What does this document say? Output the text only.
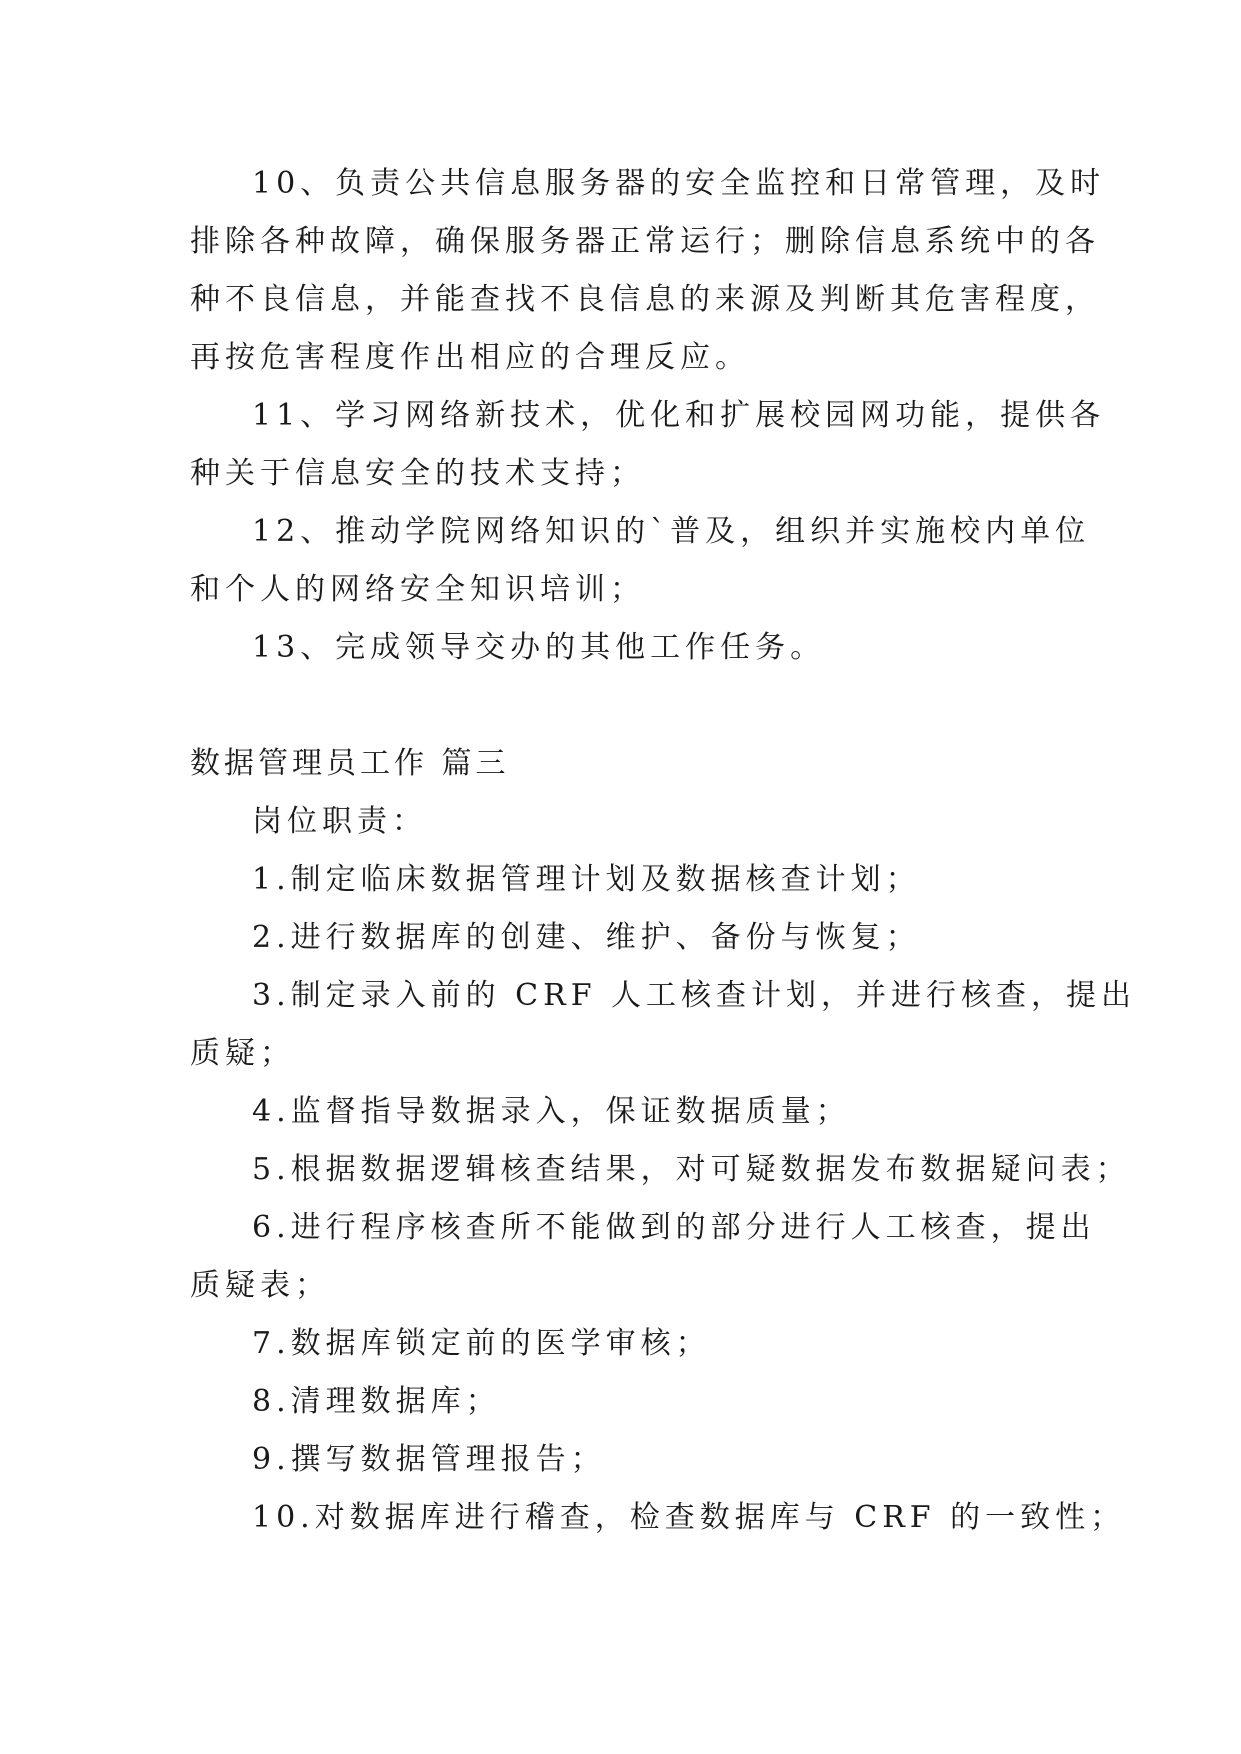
10、负责公共信息服务器的安全监控和日常管理，及时
排除各种故障，确保服务器正常运行；删除信息系统中的各
种不良信息，并能查找不良信息的来源及判断其危害程度，
再按危害程度作出相应的合理反应。
11、学习网络新技术，优化和扩展校园网功能，提供各
种关于信息安全的技术支持；
12、推动学院网络知识的`普及，组织并实施校内单位
和个人的网络安全知识培训；
13、完成领导交办的其他工作任务。
数据管理员工作 篇三
岗位职责：
1.制定临床数据管理计划及数据核查计划；
2.进行数据库的创建、维护、备份与恢复；
3.制定录入前的 CRF 人工核查计划，并进行核查，提出
质疑；
4.监督指导数据录入，保证数据质量；
5.根据数据逻辑核查结果，对可疑数据发布数据疑问表；
6.进行程序核查所不能做到的部分进行人工核查，提出
质疑表；
7.数据库锁定前的医学审核；
8.清理数据库；
9.撰写数据管理报告；
10.对数据库进行稽查，检查数据库与 CRF 的一致性；
